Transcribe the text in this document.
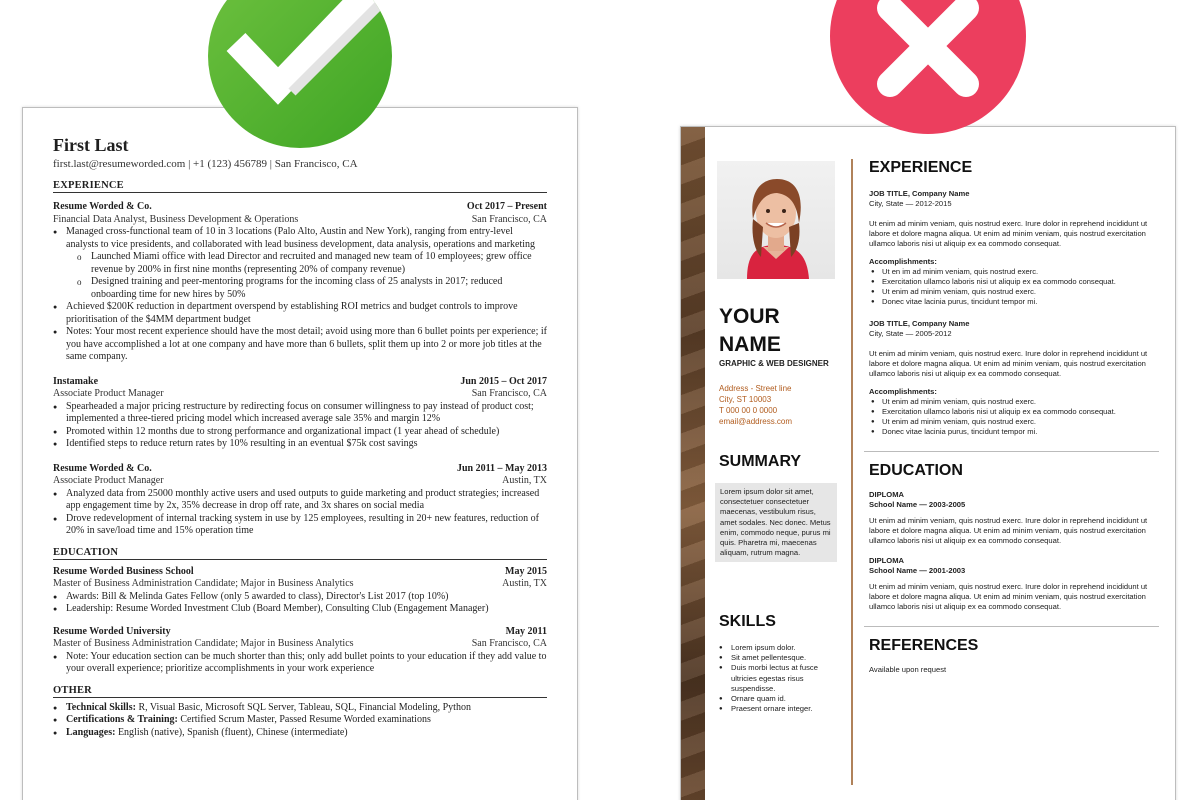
First Last
first.last@resumeworded.com | +1 (123) 456789 | San Francisco, CA
EXPERIENCE
Resume Worded & Co.	Oct 2017 – Present
Financial Data Analyst, Business Development & Operations	San Francisco, CA
● Managed cross-functional team of 10 in 3 locations (Palo Alto, Austin and New York), ranging from entry-level analysts to vice presidents, and collaborated with lead business development, data analysis, operations and marketing
o Launched Miami office with lead Director and recruited and managed new team of 10 employees; grew office revenue by 200% in first nine months (representing 20% of company revenue)
o Designed training and peer-mentoring programs for the incoming class of 25 analysts in 2017; reduced onboarding time for new hires by 50%
● Achieved $200K reduction in department overspend by establishing ROI metrics and budget controls to improve prioritisation of the $4MM department budget
● Notes: Your most recent experience should have the most detail; avoid using more than 6 bullet points per experience; if you have accomplished a lot at one company and have more than 6 bullets, split them up into 2 or more job titles at the same company.
Instamake	Jun 2015 – Oct 2017
Associate Product Manager	San Francisco, CA
● Spearheaded a major pricing restructure by redirecting focus on consumer willingness to pay instead of product cost; implemented a three-tiered pricing model which increased average sale 35% and margin 12%
● Promoted within 12 months due to strong performance and organizational impact (1 year ahead of schedule)
● Identified steps to reduce return rates by 10% resulting in an eventual $75k cost savings
Resume Worded & Co.	Jun 2011 – May 2013
Associate Product Manager	Austin, TX
● Analyzed data from 25000 monthly active users and used outputs to guide marketing and product strategies; increased app engagement time by 2x, 35% decrease in drop off rate, and 3x shares on social media
● Drove redevelopment of internal tracking system in use by 125 employees, resulting in 20+ new features, reduction of 20% in save/load time and 15% operation time
EDUCATION
Resume Worded Business School	May 2015
Master of Business Administration Candidate; Major in Business Analytics	Austin, TX
● Awards: Bill & Melinda Gates Fellow (only 5 awarded to class), Director's List 2017 (top 10%)
● Leadership: Resume Worded Investment Club (Board Member), Consulting Club (Engagement Manager)
Resume Worded University	May 2011
Master of Business Administration Candidate; Major in Business Analytics	San Francisco, CA
● Note: Your education section can be much shorter than this; only add bullet points to your education if they add value to your overall experience; prioritize accomplishments in your work experience
OTHER
● Technical Skills: R, Visual Basic, Microsoft SQL Server, Tableau, SQL, Financial Modeling, Python
● Certifications & Training: Certified Scrum Master, Passed Resume Worded examinations
● Languages: English (native), Spanish (fluent), Chinese (intermediate)
YOUR
NAME
GRAPHIC & WEB DESIGNER
Address - Street line
City, ST 10003
T 000 00 0 0000
email@address.com
SUMMARY
Lorem ipsum dolor sit amet, consectetuer consectetuer maecenas, vestibulum risus, amet sodales. Nec donec. Metus enim, commodo neque, purus mi quis. Pharetra mi, maecenas aliquam, rutrum magna.
SKILLS
● Lorem ipsum dolor.
● Sit amet pellentesque.
● Duis morbi lectus at fusce ultricies egestas risus suspendisse.
● Ornare quam id.
● Praesent ornare integer.
EXPERIENCE
JOB TITLE, Company Name
City, State — 2012-2015
Ut enim ad minim veniam, quis nostrud exerc. Irure dolor in reprehend incididunt ut labore et dolore magna aliqua. Ut enim ad minim veniam, quis nostrud exercitation ullamco laboris nisi ut aliquip ex ea commodo consequat.
Accomplishments:
● Ut en im ad minim veniam, quis nostrud exerc.
● Exercitation ullamco laboris nisi ut aliquip ex ea commodo consequat.
● Ut enim ad minim veniam, quis nostrud exerc.
● Donec vitae lacinia purus, tincidunt tempor mi.
JOB TITLE, Company Name
City, State — 2005-2012
Ut enim ad minim veniam, quis nostrud exerc. Irure dolor in reprehend incididunt ut labore et dolore magna aliqua. Ut enim ad minim veniam, quis nostrud exercitation ullamco laboris nisi ut aliquip ex ea commodo consequat.
Accomplishments:
● Ut enim ad minim veniam, quis nostrud exerc.
● Exercitation ullamco laboris nisi ut aliquip ex ea commodo consequat.
● Ut enim ad minim veniam, quis nostrud exerc.
● Donec vitae lacinia purus, tincidunt tempor mi.
EDUCATION
DIPLOMA
School Name — 2003-2005
Ut enim ad minim veniam, quis nostrud exerc. Irure dolor in reprehend incididunt ut labore et dolore magna aliqua. Ut enim ad minim veniam, quis nostrud exercitation ullamco laboris nisi ut aliquip ex ea commodo consequat.
DIPLOMA
School Name — 2001-2003
Ut enim ad minim veniam, quis nostrud exerc. Irure dolor in reprehend incididunt ut labore et dolore magna aliqua. Ut enim ad minim veniam, quis nostrud exercitation ullamco laboris nisi ut aliquip ex ea commodo consequat.
REFERENCES
Available upon request
